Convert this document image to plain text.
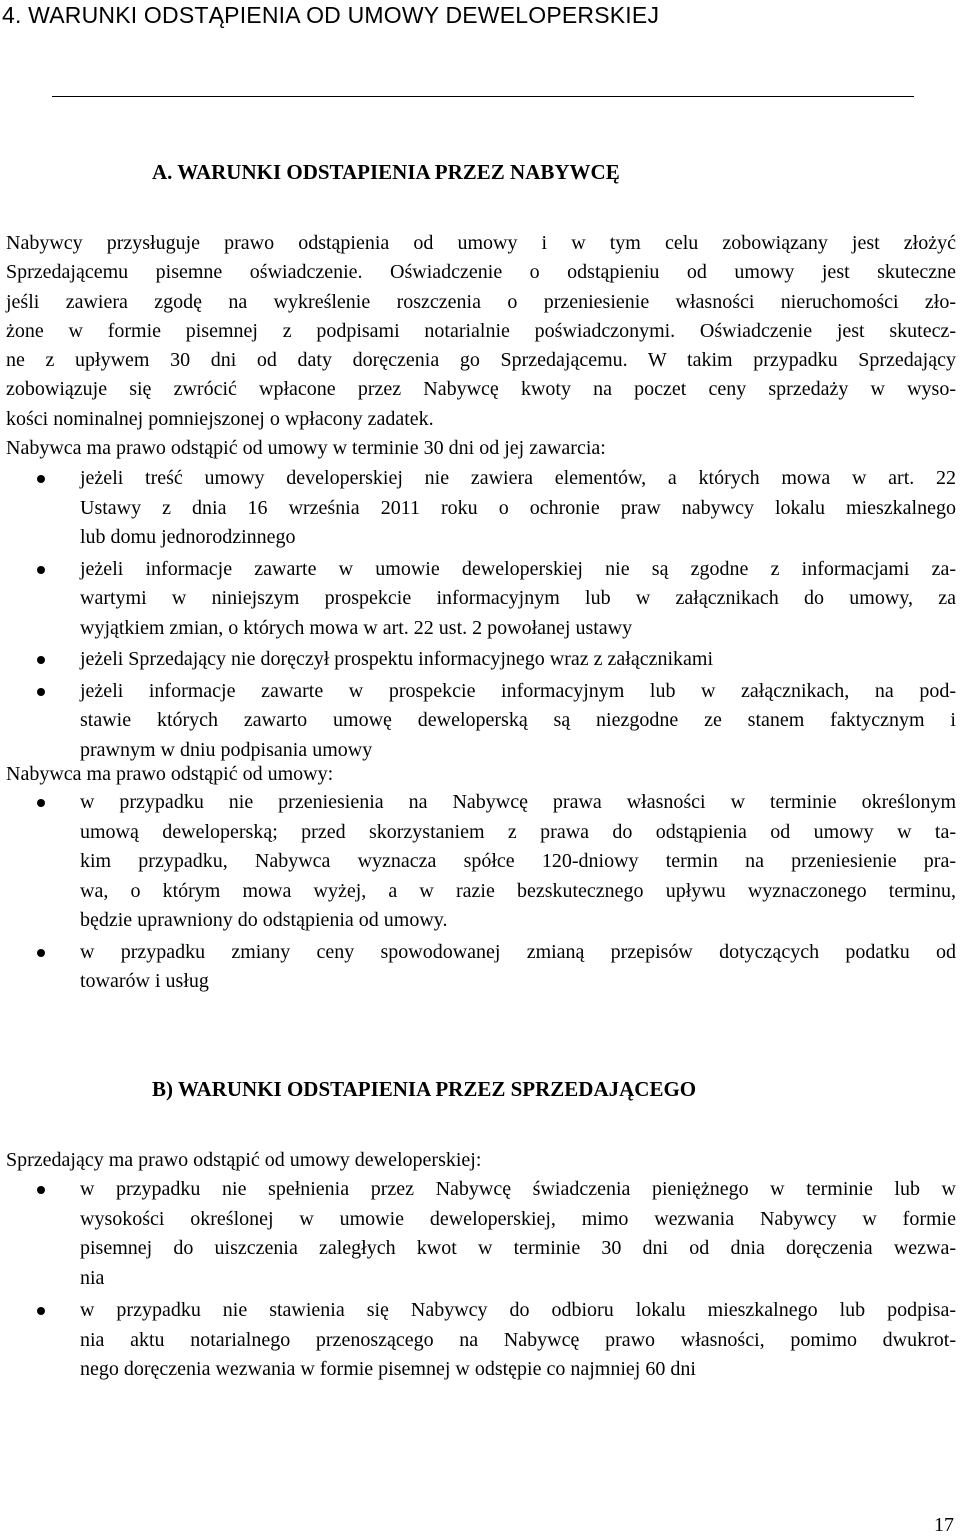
4. WARUNKI ODSTĄPIENIA OD UMOWY DEWELOPERSKIEJ
A. WARUNKI ODSTAPIENIA PRZEZ NABYWCĘ
Nabywcy przysługuje prawo odstąpienia od umowy i w tym celu zobowiązany jest złożyć
Sprzedającemu pisemne oświadczenie. Oświadczenie o odstąpieniu od umowy jest skuteczne
jeśli zawiera zgodę na wykreślenie roszczenia o przeniesienie własności nieruchomości zło-
żone w formie pisemnej z podpisami notarialnie poświadczonymi. Oświadczenie jest skutecz-
ne z upływem 30 dni od daty doręczenia go Sprzedającemu. W takim przypadku Sprzedający
zobowiązuje się zwrócić wpłacone przez Nabywcę kwoty na poczet ceny sprzedaży w wyso-
kości nominalnej pomniejszonej o wpłacony zadatek.
Nabywca ma prawo odstąpić od umowy w terminie 30 dni od jej zawarcia:
jeżeli treść umowy developerskiej nie zawiera elementów, a których mowa w art. 22
Ustawy z dnia 16 września 2011 roku o ochronie praw nabywcy lokalu mieszkalnego
lub domu jednorodzinnego
jeżeli informacje zawarte w umowie deweloperskiej nie są zgodne z informacjami za-
wartymi w niniejszym prospekcie informacyjnym lub w załącznikach do umowy, za
wyjątkiem zmian, o których mowa w art. 22 ust. 2 powołanej ustawy
jeżeli Sprzedający nie doręczył prospektu informacyjnego wraz z załącznikami
jeżeli informacje zawarte w prospekcie informacyjnym lub w załącznikach, na pod-
stawie których zawarto umowę deweloperską są niezgodne ze stanem faktycznym i
prawnym w dniu podpisania umowy
Nabywca ma prawo odstąpić od umowy:
w przypadku nie przeniesienia na Nabywcę prawa własności w terminie określonym
umową deweloperską; przed skorzystaniem z prawa do odstąpienia od umowy w ta-
kim przypadku, Nabywca wyznacza spółce 120-dniowy termin na przeniesienie pra-
wa, o którym mowa wyżej, a w razie bezskutecznego upływu wyznaczonego terminu,
będzie uprawniony do odstąpienia od umowy.
w przypadku zmiany ceny spowodowanej zmianą przepisów dotyczących podatku od
towarów i usług
B) WARUNKI ODSTAPIENIA PRZEZ SPRZEDAJĄCEGO
Sprzedający ma prawo odstąpić od umowy deweloperskiej:
w przypadku nie spełnienia przez Nabywcę świadczenia pieniężnego w terminie lub w
wysokości określonej w umowie deweloperskiej, mimo wezwania Nabywcy w formie
pisemnej do uiszczenia zaległych kwot w terminie 30 dni od dnia doręczenia wezwa-
nia
w przypadku nie stawienia się Nabywcy do odbioru lokalu mieszkalnego lub podpisa-
nia aktu notarialnego przenoszącego na Nabywcę prawo własności, pomimo dwukrot-
nego doręczenia wezwania w formie pisemnej w odstępie co najmniej 60 dni
17
